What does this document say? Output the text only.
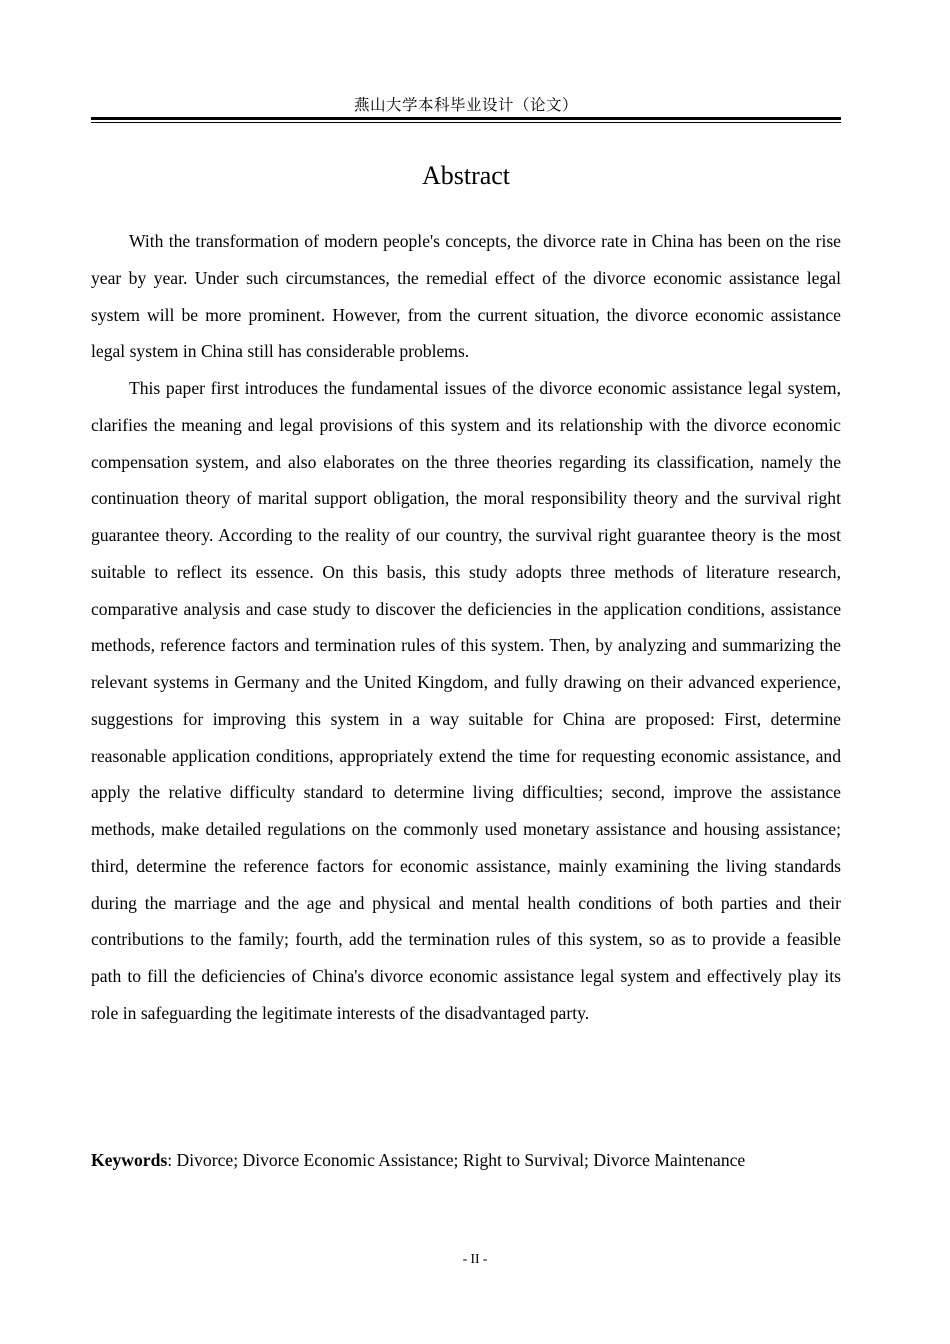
燕山大学本科毕业设计（论文）
Abstract

With the transformation of modern people's concepts, the divorce rate in China has been on the rise year by year. Under such circumstances, the remedial effect of the divorce economic assistance legal system will be more prominent. However, from the current situation, the divorce economic assistance legal system in China still has considerable problems.

This paper first introduces the fundamental issues of the divorce economic assistance legal system, clarifies the meaning and legal provisions of this system and its relationship with the divorce economic compensation system, and also elaborates on the three theories regarding its classification, namely the continuation theory of marital support obligation, the moral responsibility theory and the survival right guarantee theory. According to the reality of our country, the survival right guarantee theory is the most suitable to reflect its essence. On this basis, this study adopts three methods of literature research, comparative analysis and case study to discover the deficiencies in the application conditions, assistance methods, reference factors and termination rules of this system. Then, by analyzing and summarizing the relevant systems in Germany and the United Kingdom, and fully drawing on their advanced experience, suggestions for improving this system in a way suitable for China are proposed: First, determine reasonable application conditions, appropriately extend the time for requesting economic assistance, and apply the relative difficulty standard to determine living difficulties; second, improve the assistance methods, make detailed regulations on the commonly used monetary assistance and housing assistance; third, determine the reference factors for economic assistance, mainly examining the living standards during the marriage and the age and physical and mental health conditions of both parties and their contributions to the family; fourth, add the termination rules of this system, so as to provide a feasible path to fill the deficiencies of China's divorce economic assistance legal system and effectively play its role in safeguarding the legitimate interests of the disadvantaged party.

Keywords: Divorce; Divorce Economic Assistance; Right to Survival; Divorce Maintenance
- II -
